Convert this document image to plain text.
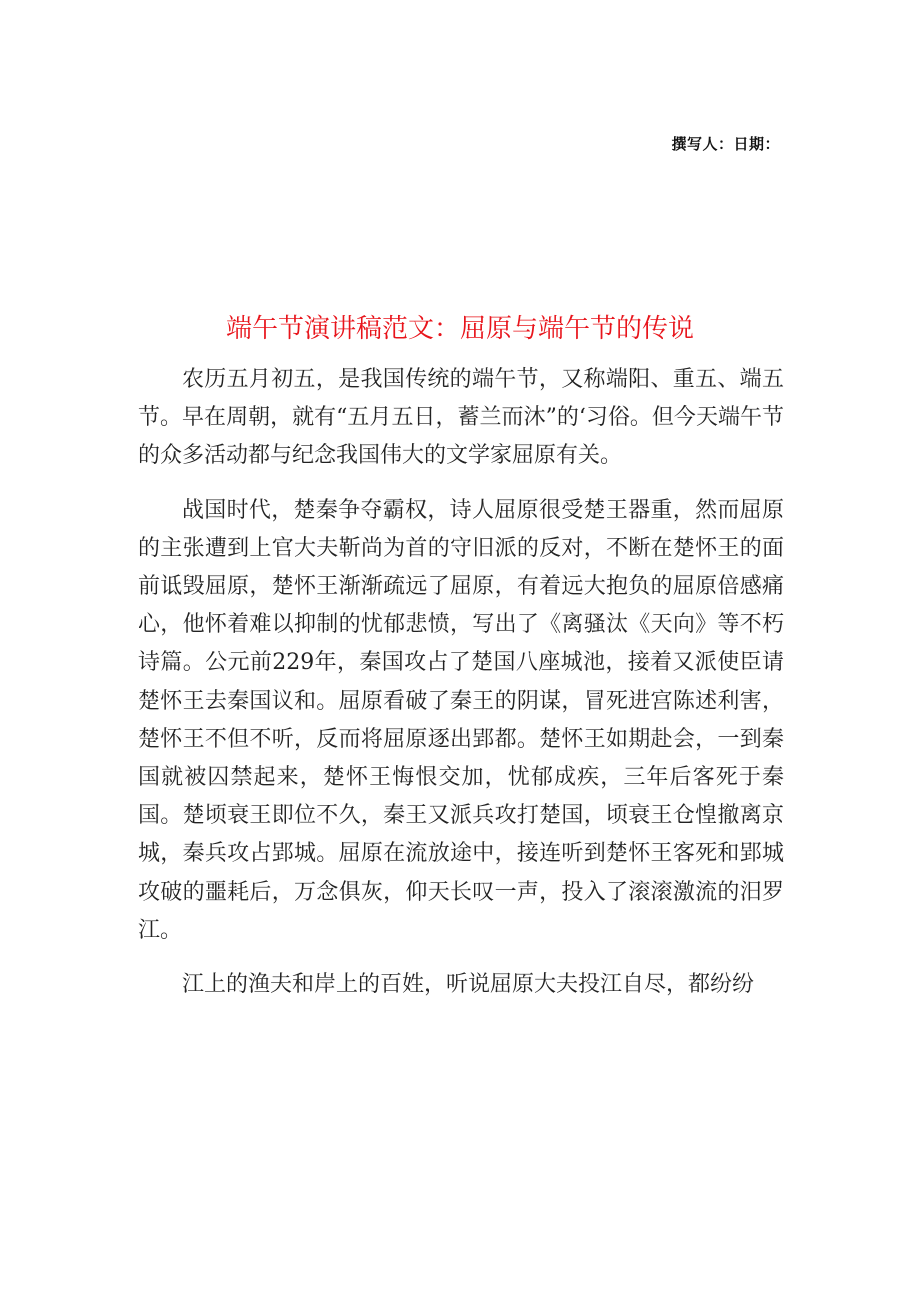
撰写人：日期：
端午节演讲稿范文：屈原与端午节的传说

农历五月初五，是我国传统的端午节，又称端阳、重五、端五节。早在周朝，就有“五月五日，蓄兰而沐”的‘习俗。但今天端午节的众多活动都与纪念我国伟大的文学家屈原有关。

战国时代，楚秦争夺霸权，诗人屈原很受楚王器重，然而屈原的主张遭到上官大夫靳尚为首的守旧派的反对，不断在楚怀王的面前诋毁屈原，楚怀王渐渐疏远了屈原，有着远大抱负的屈原倍感痛心，他怀着难以抑制的忧郁悲愤，写出了《离骚汰《天向》等不朽诗篇。公元前229年，秦国攻占了楚国八座城池，接着又派使臣请楚怀王去秦国议和。屈原看破了秦王的阴谋，冒死进宫陈述利害，楚怀王不但不听，反而将屈原逐出郢都。楚怀王如期赴会，一到秦国就被囚禁起来，楚怀王悔恨交加，忧郁成疾，三年后客死于秦国。楚顷衰王即位不久，秦王又派兵攻打楚国，顷衰王仓惶撤离京城，秦兵攻占郢城。屈原在流放途中，接连听到楚怀王客死和郢城攻破的噩耗后，万念俱灰，仰天长叹一声，投入了滚滚激流的汨罗江。

江上的渔夫和岸上的百姓，听说屈原大夫投江自尽，都纷纷
